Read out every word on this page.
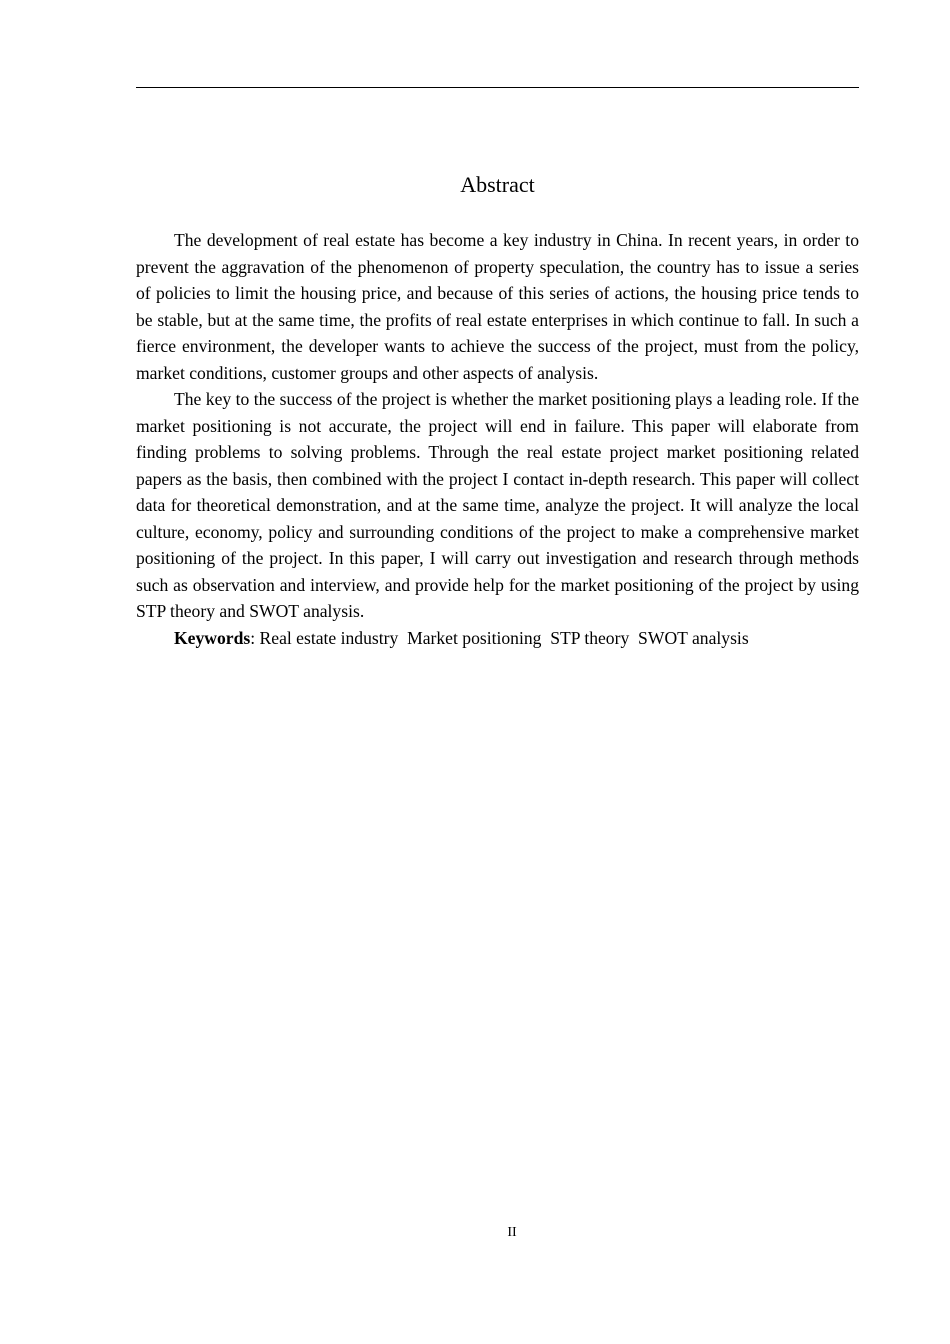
Abstract

The development of real estate has become a key industry in China. In recent years, in order to prevent the aggravation of the phenomenon of property speculation, the country has to issue a series of policies to limit the housing price, and because of this series of actions, the housing price tends to be stable, but at the same time, the profits of real estate enterprises in which continue to fall. In such a fierce environment, the developer wants to achieve the success of the project, must from the policy, market conditions, customer groups and other aspects of analysis.

The key to the success of the project is whether the market positioning plays a leading role. If the market positioning is not accurate, the project will end in failure. This paper will elaborate from finding problems to solving problems. Through the real estate project market positioning related papers as the basis, then combined with the project I contact in-depth research. This paper will collect data for theoretical demonstration, and at the same time, analyze the project. It will analyze the local culture, economy, policy and surrounding conditions of the project to make a comprehensive market positioning of the project. In this paper, I will carry out investigation and research through methods such as observation and interview, and provide help for the market positioning of the project by using STP theory and SWOT analysis.

Keywords: Real estate industry  Market positioning  STP theory  SWOT analysis

II
